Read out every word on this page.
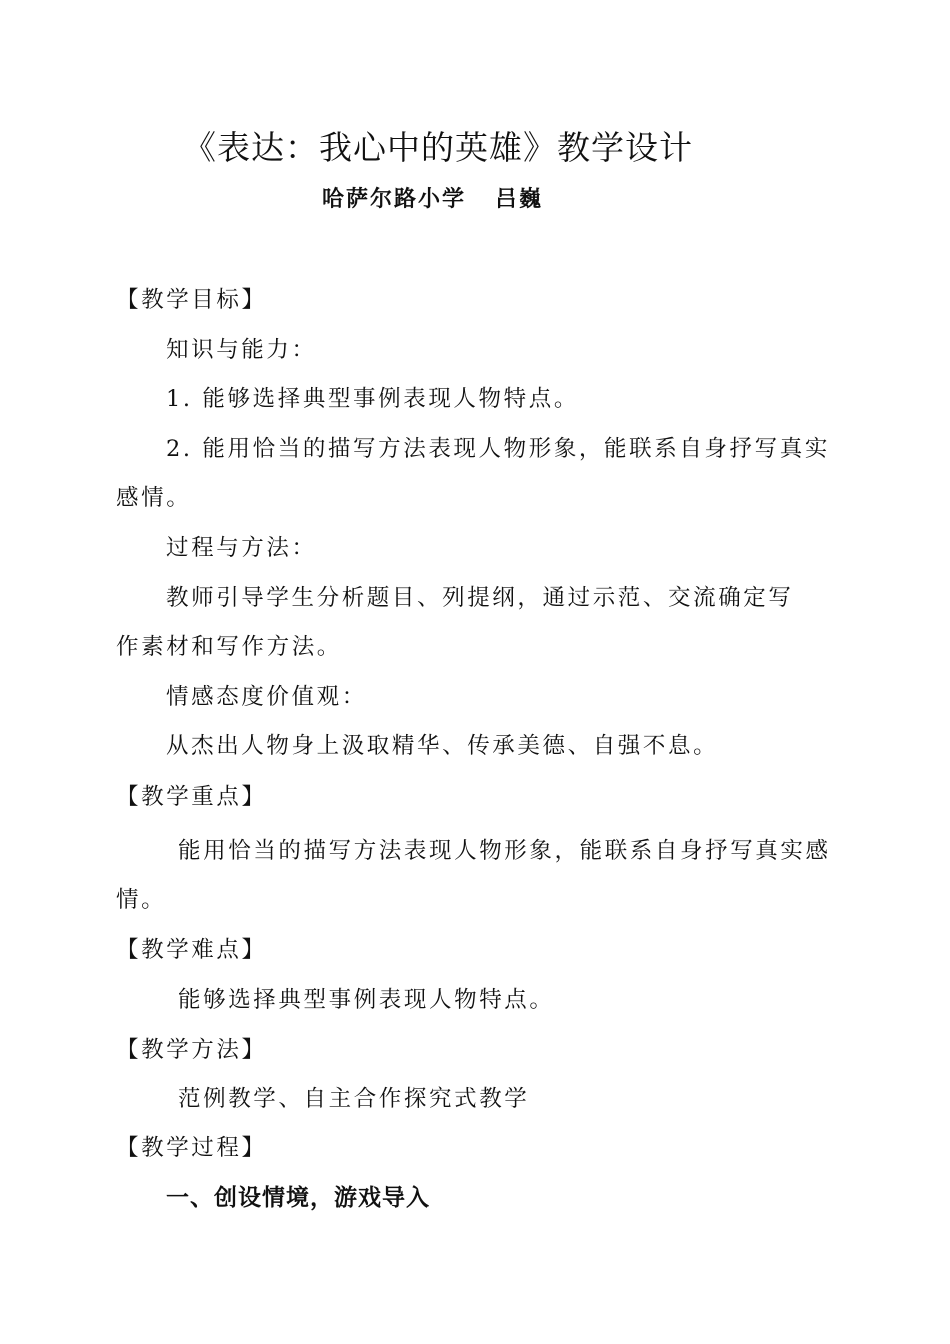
《表达：我心中的英雄》教学设计
哈萨尔路小学   吕巍
【教学目标】
知识与能力：
1. 能够选择典型事例表现人物特点。
2. 能用恰当的描写方法表现人物形象，能联系自身抒写真实
感情。
过程与方法：
教师引导学生分析题目、列提纲，通过示范、交流确定写
作素材和写作方法。
情感态度价值观：
从杰出人物身上汲取精华、传承美德、自强不息。
【教学重点】
能用恰当的描写方法表现人物形象，能联系自身抒写真实感
情。
【教学难点】
能够选择典型事例表现人物特点。
【教学方法】
范例教学、自主合作探究式教学
【教学过程】
一、创设情境，游戏导入
